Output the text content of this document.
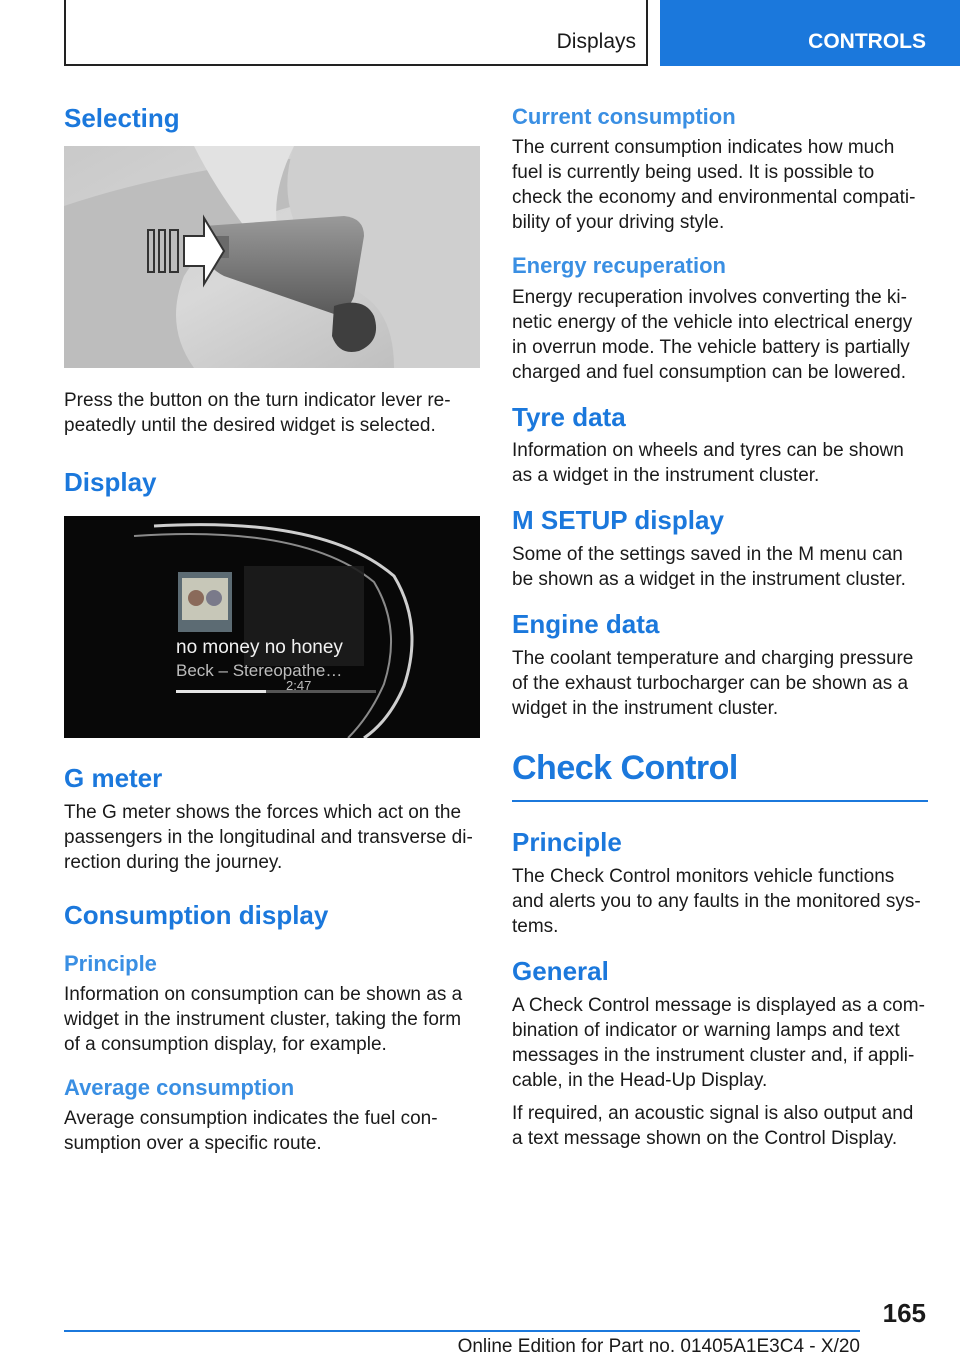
Displays	CONTROLS
Selecting

Press the button on the turn indicator lever repeatedly until the desired widget is selected.

Display
no money no honey
Beck – Stereopathe…
2:47
G meter

The G meter shows the forces which act on the passengers in the longitudinal and transverse direction during the journey.

Consumption display
Principle

Information on consumption can be shown as a widget in the instrument cluster, taking the form of a consumption display, for example.

Average consumption

Average consumption indicates the fuel consumption over a specific route.

Current consumption

The current consumption indicates how much fuel is currently being used. It is possible to check the economy and environmental compatibility of your driving style.

Energy recuperation

Energy recuperation involves converting the kinetic energy of the vehicle into electrical energy in overrun mode. The vehicle battery is partially charged and fuel consumption can be lowered.

Tyre data

Information on wheels and tyres can be shown as a widget in the instrument cluster.

M SETUP display

Some of the settings saved in the M menu can be shown as a widget in the instrument cluster.

Engine data

The coolant temperature and charging pressure of the exhaust turbocharger can be shown as a widget in the instrument cluster.

Check Control
Principle

The Check Control monitors vehicle functions and alerts you to any faults in the monitored systems.

General

A Check Control message is displayed as a combination of indicator or warning lamps and text messages in the instrument cluster and, if applicable, in the Head-Up Display.

If required, an acoustic signal is also output and a text message shown on the Control Display.

165
Online Edition for Part no. 01405A1E3C4 - X/20
